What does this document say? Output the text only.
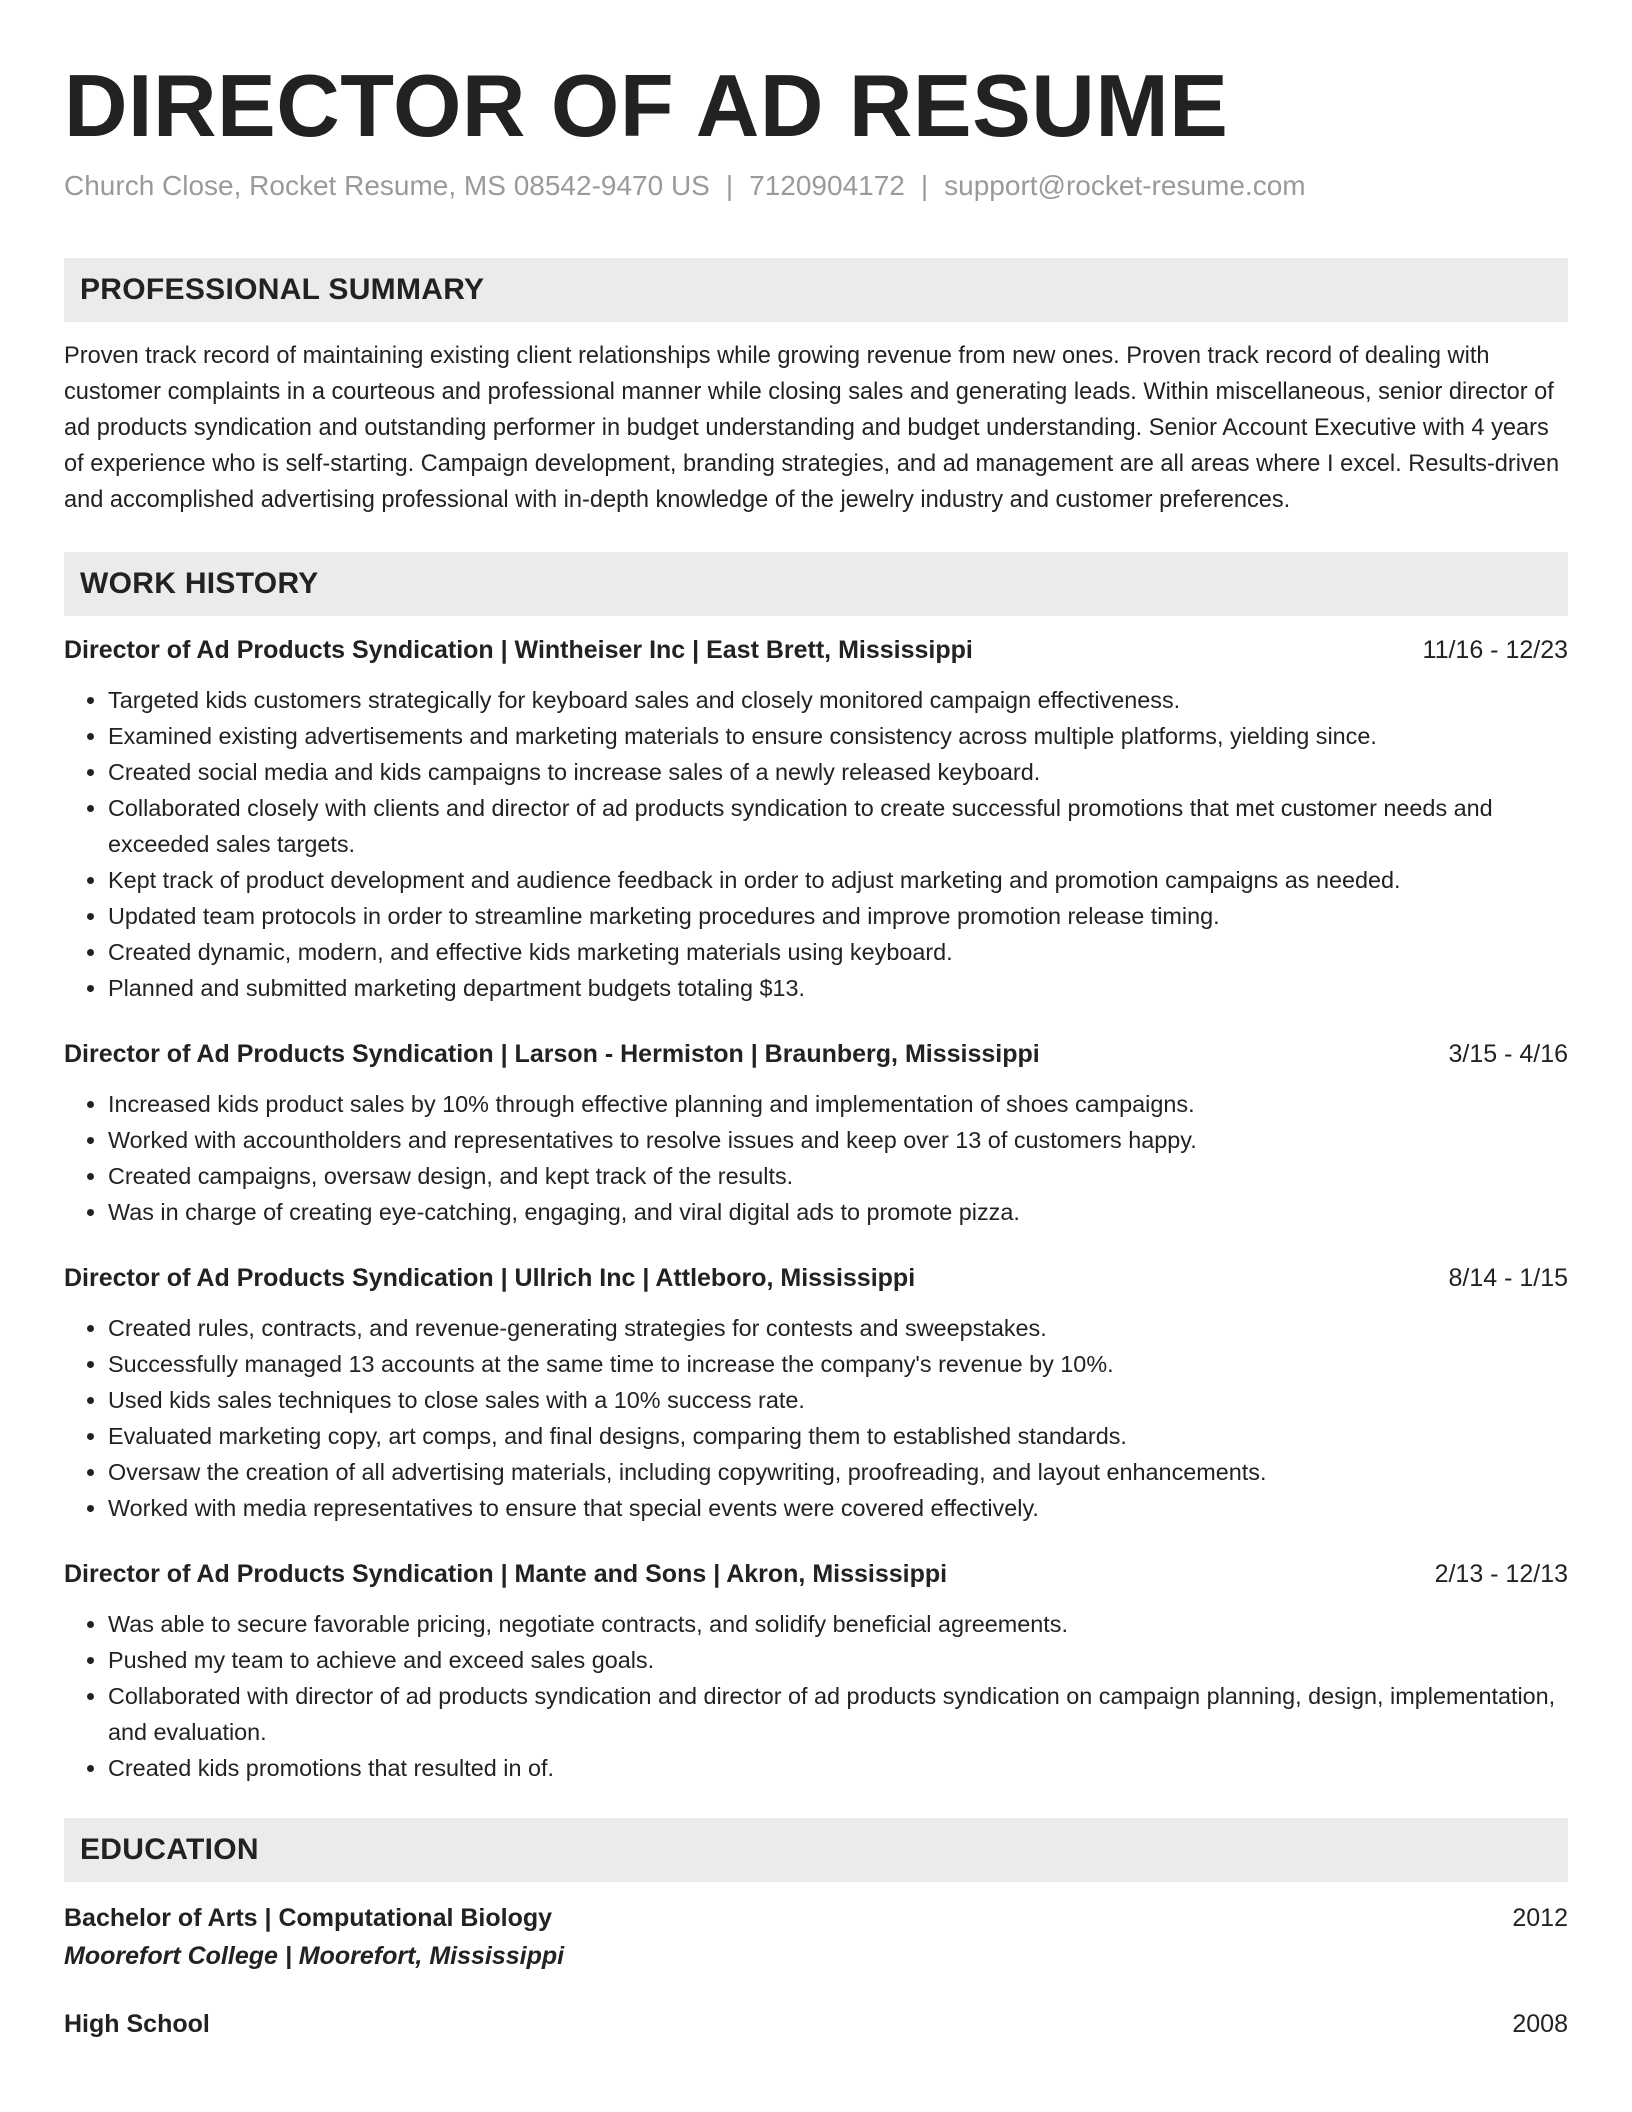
DIRECTOR OF AD RESUME
Church Close, Rocket Resume, MS 08542-9470 US | 7120904172 | support@rocket-resume.com
PROFESSIONAL SUMMARY
Proven track record of maintaining existing client relationships while growing revenue from new ones. Proven track record of dealing with customer complaints in a courteous and professional manner while closing sales and generating leads. Within miscellaneous, senior director of ad products syndication and outstanding performer in budget understanding and budget understanding. Senior Account Executive with 4 years of experience who is self-starting. Campaign development, branding strategies, and ad management are all areas where I excel. Results-driven and accomplished advertising professional with in-depth knowledge of the jewelry industry and customer preferences.
WORK HISTORY
Director of Ad Products Syndication | Wintheiser Inc | East Brett, Mississippi	11/16 - 12/23
• Targeted kids customers strategically for keyboard sales and closely monitored campaign effectiveness.
• Examined existing advertisements and marketing materials to ensure consistency across multiple platforms, yielding since.
• Created social media and kids campaigns to increase sales of a newly released keyboard.
• Collaborated closely with clients and director of ad products syndication to create successful promotions that met customer needs and exceeded sales targets.
• Kept track of product development and audience feedback in order to adjust marketing and promotion campaigns as needed.
• Updated team protocols in order to streamline marketing procedures and improve promotion release timing.
• Created dynamic, modern, and effective kids marketing materials using keyboard.
• Planned and submitted marketing department budgets totaling $13.
Director of Ad Products Syndication | Larson - Hermiston | Braunberg, Mississippi	3/15 - 4/16
• Increased kids product sales by 10% through effective planning and implementation of shoes campaigns.
• Worked with accountholders and representatives to resolve issues and keep over 13 of customers happy.
• Created campaigns, oversaw design, and kept track of the results.
• Was in charge of creating eye-catching, engaging, and viral digital ads to promote pizza.
Director of Ad Products Syndication | Ullrich Inc | Attleboro, Mississippi	8/14 - 1/15
• Created rules, contracts, and revenue-generating strategies for contests and sweepstakes.
• Successfully managed 13 accounts at the same time to increase the company's revenue by 10%.
• Used kids sales techniques to close sales with a 10% success rate.
• Evaluated marketing copy, art comps, and final designs, comparing them to established standards.
• Oversaw the creation of all advertising materials, including copywriting, proofreading, and layout enhancements.
• Worked with media representatives to ensure that special events were covered effectively.
Director of Ad Products Syndication | Mante and Sons | Akron, Mississippi	2/13 - 12/13
• Was able to secure favorable pricing, negotiate contracts, and solidify beneficial agreements.
• Pushed my team to achieve and exceed sales goals.
• Collaborated with director of ad products syndication and director of ad products syndication on campaign planning, design, implementation, and evaluation.
• Created kids promotions that resulted in of.
EDUCATION
Bachelor of Arts | Computational Biology	2012
Moorefort College | Moorefort, Mississippi
High School	2008
